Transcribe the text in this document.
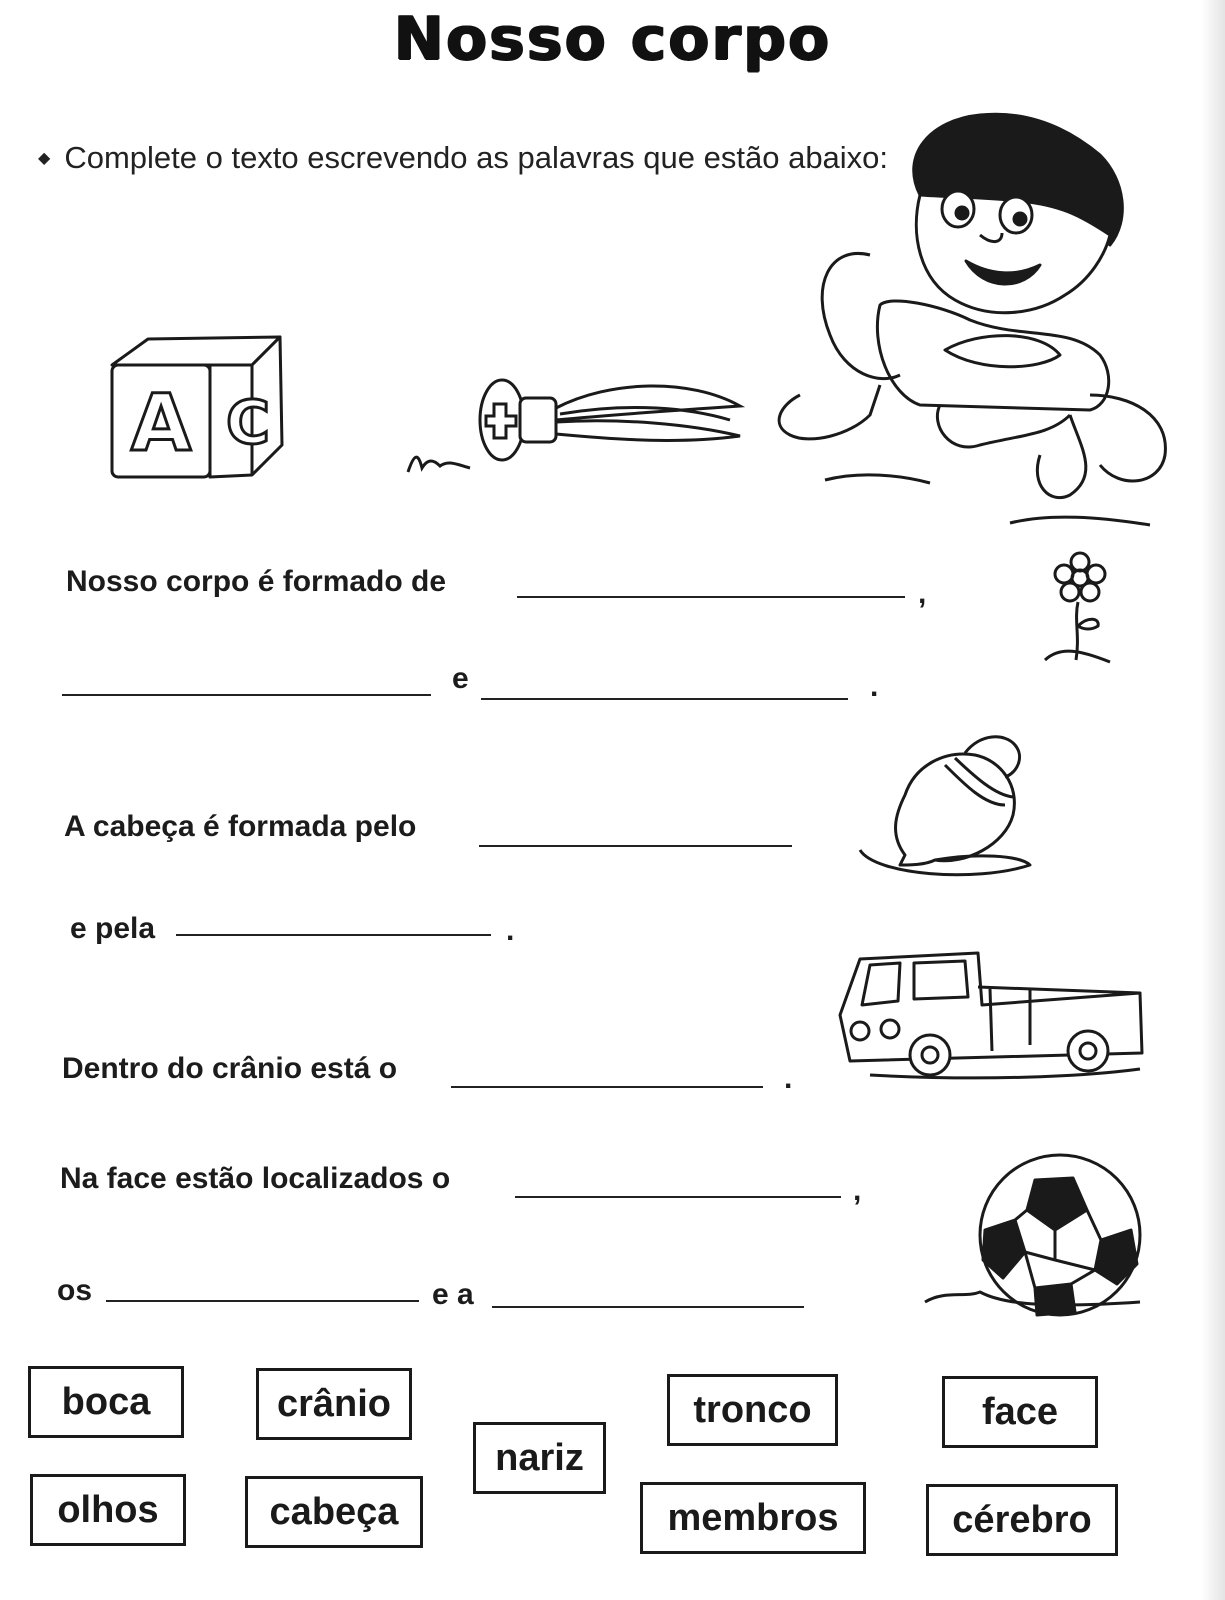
Nosso corpo
◆ Complete o texto escrevendo as palavras que estão abaixo:
Nosso corpo é formado de	,
e	.
A cabeça é formada pelo
e pela	.
Dentro do crânio está o	.
Na face estão localizados o	,
os	e a
boca	crânio
nariz
tronco	face
olhos	cabeça	membros	cérebro
A C
